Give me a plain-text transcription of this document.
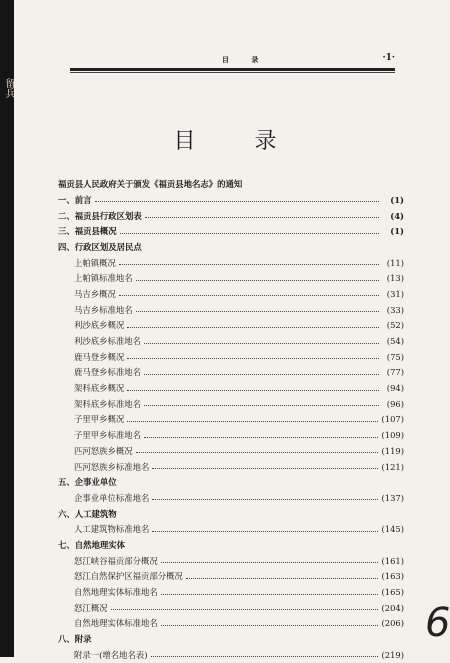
留兵
目 录	·1·
目 录
福贡县人民政府关于颁发《福贡县地名志》的通知
一、前言	(1)
二、福贡县行政区划表	(4)
三、福贡县概况	(1)
四、行政区划及居民点
上帕镇概况	(11)
上帕镇标准地名	(13)
马吉乡概况	(31)
马吉乡标准地名	(33)
利沙底乡概况	(52)
利沙底乡标准地名	(54)
鹿马登乡概况	(75)
鹿马登乡标准地名	(77)
架科底乡概况	(94)
架科底乡标准地名	(96)
子里甲乡概况	(107)
子里甲乡标准地名	(109)
匹河怒族乡概况	(119)
匹河怒族乡标准地名	(121)
五、企事业单位
企事业单位标准地名	(137)
六、人工建筑物
人工建筑物标准地名	(145)
七、自然地理实体
怒江峡谷福贡部分概况	(161)
怒江自然保护区福贡部分概况	(163)
自然地理实体标准地名	(165)
怒江概况	(204)
自然地理实体标准地名	(206)
八、附录
附录一(增名地名表)	(219)
6
